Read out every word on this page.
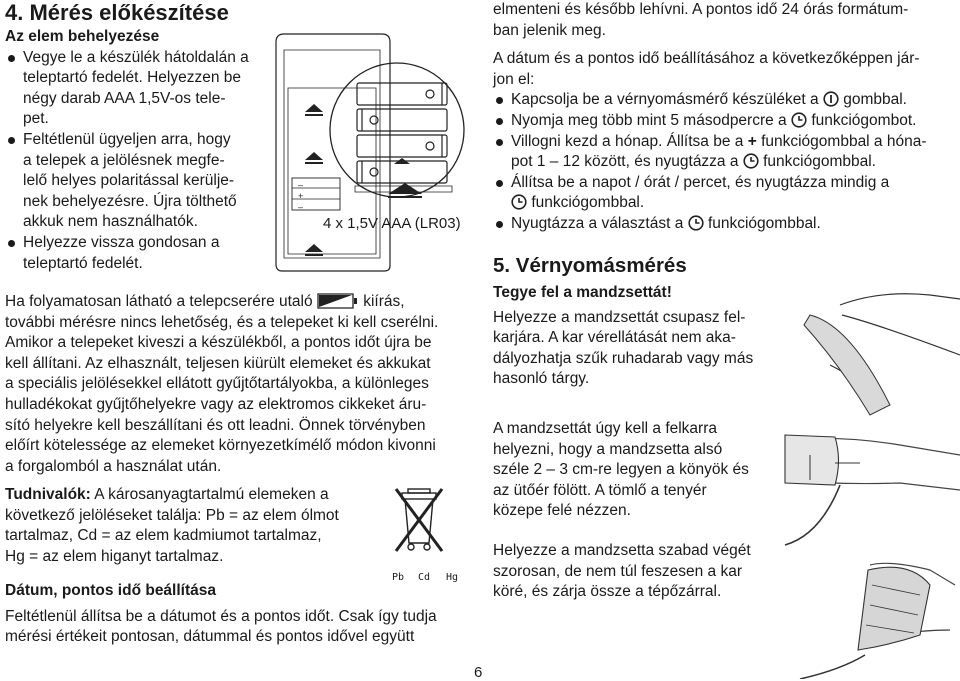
4. Mérés előkészítése
Az elem behelyezése
Vegye le a készülék hátoldalán a
teleptartó fedelét. Helyezzen be
négy darab AAA 1,5V-os tele-
pet.
Feltétlenül ügyeljen arra, hogy
a telepek a jelölésnek megfe-
lelő helyes polaritással kerülje-
nek behelyezésre. Újra tölthető
akkuk nem használhatók.
Helyezze vissza gondosan a
teleptartó fedelét.
–
+
–
4 x 1,5V AAA (LR03)
Ha folyamatosan látható a telepcserére utaló	kiírás,
további mérésre nincs lehetőség, és a telepeket ki kell cserélni.
Amikor a telepeket kiveszi a készülékből, a pontos időt újra be
kell állítani. Az elhasznált, teljesen kiürült elemeket és akkukat
a speciális jelölésekkel ellátott gyűjtőtartályokba, a különleges
hulladékokat gyűjtőhelyekre vagy az elektromos cikkeket áru-
sító helyekre kell beszállítani és ott leadni. Önnek törvényben
előírt kötelessége az elemeket környezetkímélő módon kivonni
a forgalomból a használat után.
Tudnivalók: A károsanyagtartalmú elemeken a
következő jelöléseket találja: Pb = az elem ólmot
tartalmaz, Cd = az elem kadmiumot tartalmaz,
Hg = az elem higanyt tartalmaz.
Pb Cd Hg
Dátum, pontos idő beállítása
Feltétlenül állítsa be a dátumot és a pontos időt. Csak így tudja
mérési értékeit pontosan, dátummal és pontos idővel együtt
6
elmenteni és később lehívni. A pontos idő 24 órás formátum-
ban jelenik meg.
A dátum és a pontos idő beállításához a következőképpen jár-
jon el:
Kapcsolja be a vérnyomásmérő készüléket a gombbal.
Nyomja meg több mint 5 másodpercre a funkciógombot.
Villogni kezd a hónap. Állítsa be a + funkciógombbal a hóna-
pot 1 – 12 között, és nyugtázza a funkciógombbal.
Állítsa be a napot / órát / percet, és nyugtázza mindig a
funkciógombbal.
Nyugtázza a választást a funkciógombbal.
5. Vérnyomásmérés
Tegye fel a mandzsettát!
Helyezze a mandzsettát csupasz fel-
karjára. A kar vérellátását nem aka-
dályozhatja szűk ruhadarab vagy más
hasonló tárgy.
A mandzsettát úgy kell a felkarra
helyezni, hogy a mandzsetta alsó
széle 2 – 3 cm-re legyen a könyök és
az ütőér fölött. A tömlő a tenyér
közepe felé nézzen.
Helyezze a mandzsetta szabad végét
szorosan, de nem túl feszesen a kar
köré, és zárja össze a tépőzárral.
